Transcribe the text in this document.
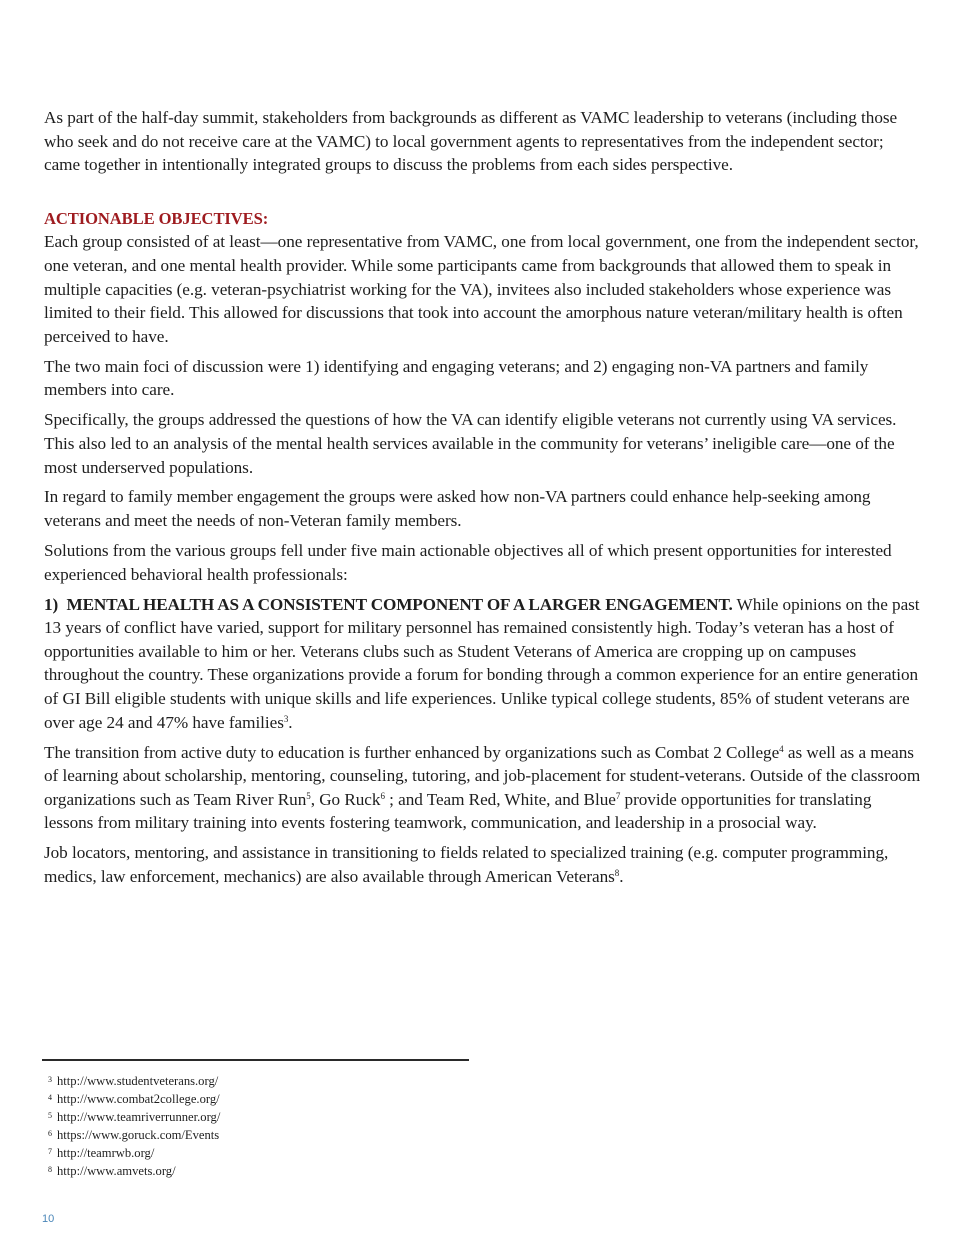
As part of the half-day summit, stakeholders from backgrounds as different as VAMC leadership to veterans (including those who seek and do not receive care at the VAMC) to local government agents to representatives from the independent sector; came together in intentionally integrated groups to discuss the problems from each sides perspective.

ACTIONABLE OBJECTIVES:

Each group consisted of at least—one representative from VAMC, one from local government, one from the independent sector, one veteran, and one mental health provider. While some participants came from backgrounds that allowed them to speak in multiple capacities (e.g. veteran-psychiatrist working for the VA), invitees also included stakeholders whose experience was limited to their field. This allowed for discussions that took into account the amorphous nature veteran/military health is often perceived to have.

The two main foci of discussion were 1) identifying and engaging veterans; and 2) engaging non-VA partners and family members into care.

Specifically, the groups addressed the questions of how the VA can identify eligible veterans not currently using VA services. This also led to an analysis of the mental health services available in the community for veterans’ ineligible care—one of the most underserved populations.

In regard to family member engagement the groups were asked how non-VA partners could enhance help-seeking among veterans and meet the needs of non-Veteran family members.

Solutions from the various groups fell under five main actionable objectives all of which present opportunities for interested experienced behavioral health professionals:

1) MENTAL HEALTH AS A CONSISTENT COMPONENT OF A LARGER ENGAGEMENT. While opinions on the past 13 years of conflict have varied, support for military personnel has remained consistently high. Today’s veteran has a host of opportunities available to him or her. Veterans clubs such as Student Veterans of America are cropping up on campuses throughout the country. These organizations provide a forum for bonding through a common experience for an entire generation of GI Bill eligible students with unique skills and life experiences. Unlike typical college students, 85% of student veterans are over age 24 and 47% have families$^3$.

The transition from active duty to education is further enhanced by organizations such as Combat 2 College$^4$ as well as a means of learning about scholarship, mentoring, counseling, tutoring, and job-placement for student-veterans. Outside of the classroom organizations such as Team River Run$^5$, Go Ruck$^6$ ; and Team Red, White, and Blue$^7$ provide opportunities for translating lessons from military training into events fostering teamwork, communication, and leadership in a prosocial way.

Job locators, mentoring, and assistance in transitioning to fields related to specialized training (e.g. computer programming, medics, law enforcement, mechanics) are also available through American Veterans$^8$.

3 http://www.studentveterans.org/
4 http://www.combat2college.org/
5 http://www.teamriverrunner.org/
6 https://www.goruck.com/Events
7 http://teamrwb.org/
8 http://www.amvets.org/
10
